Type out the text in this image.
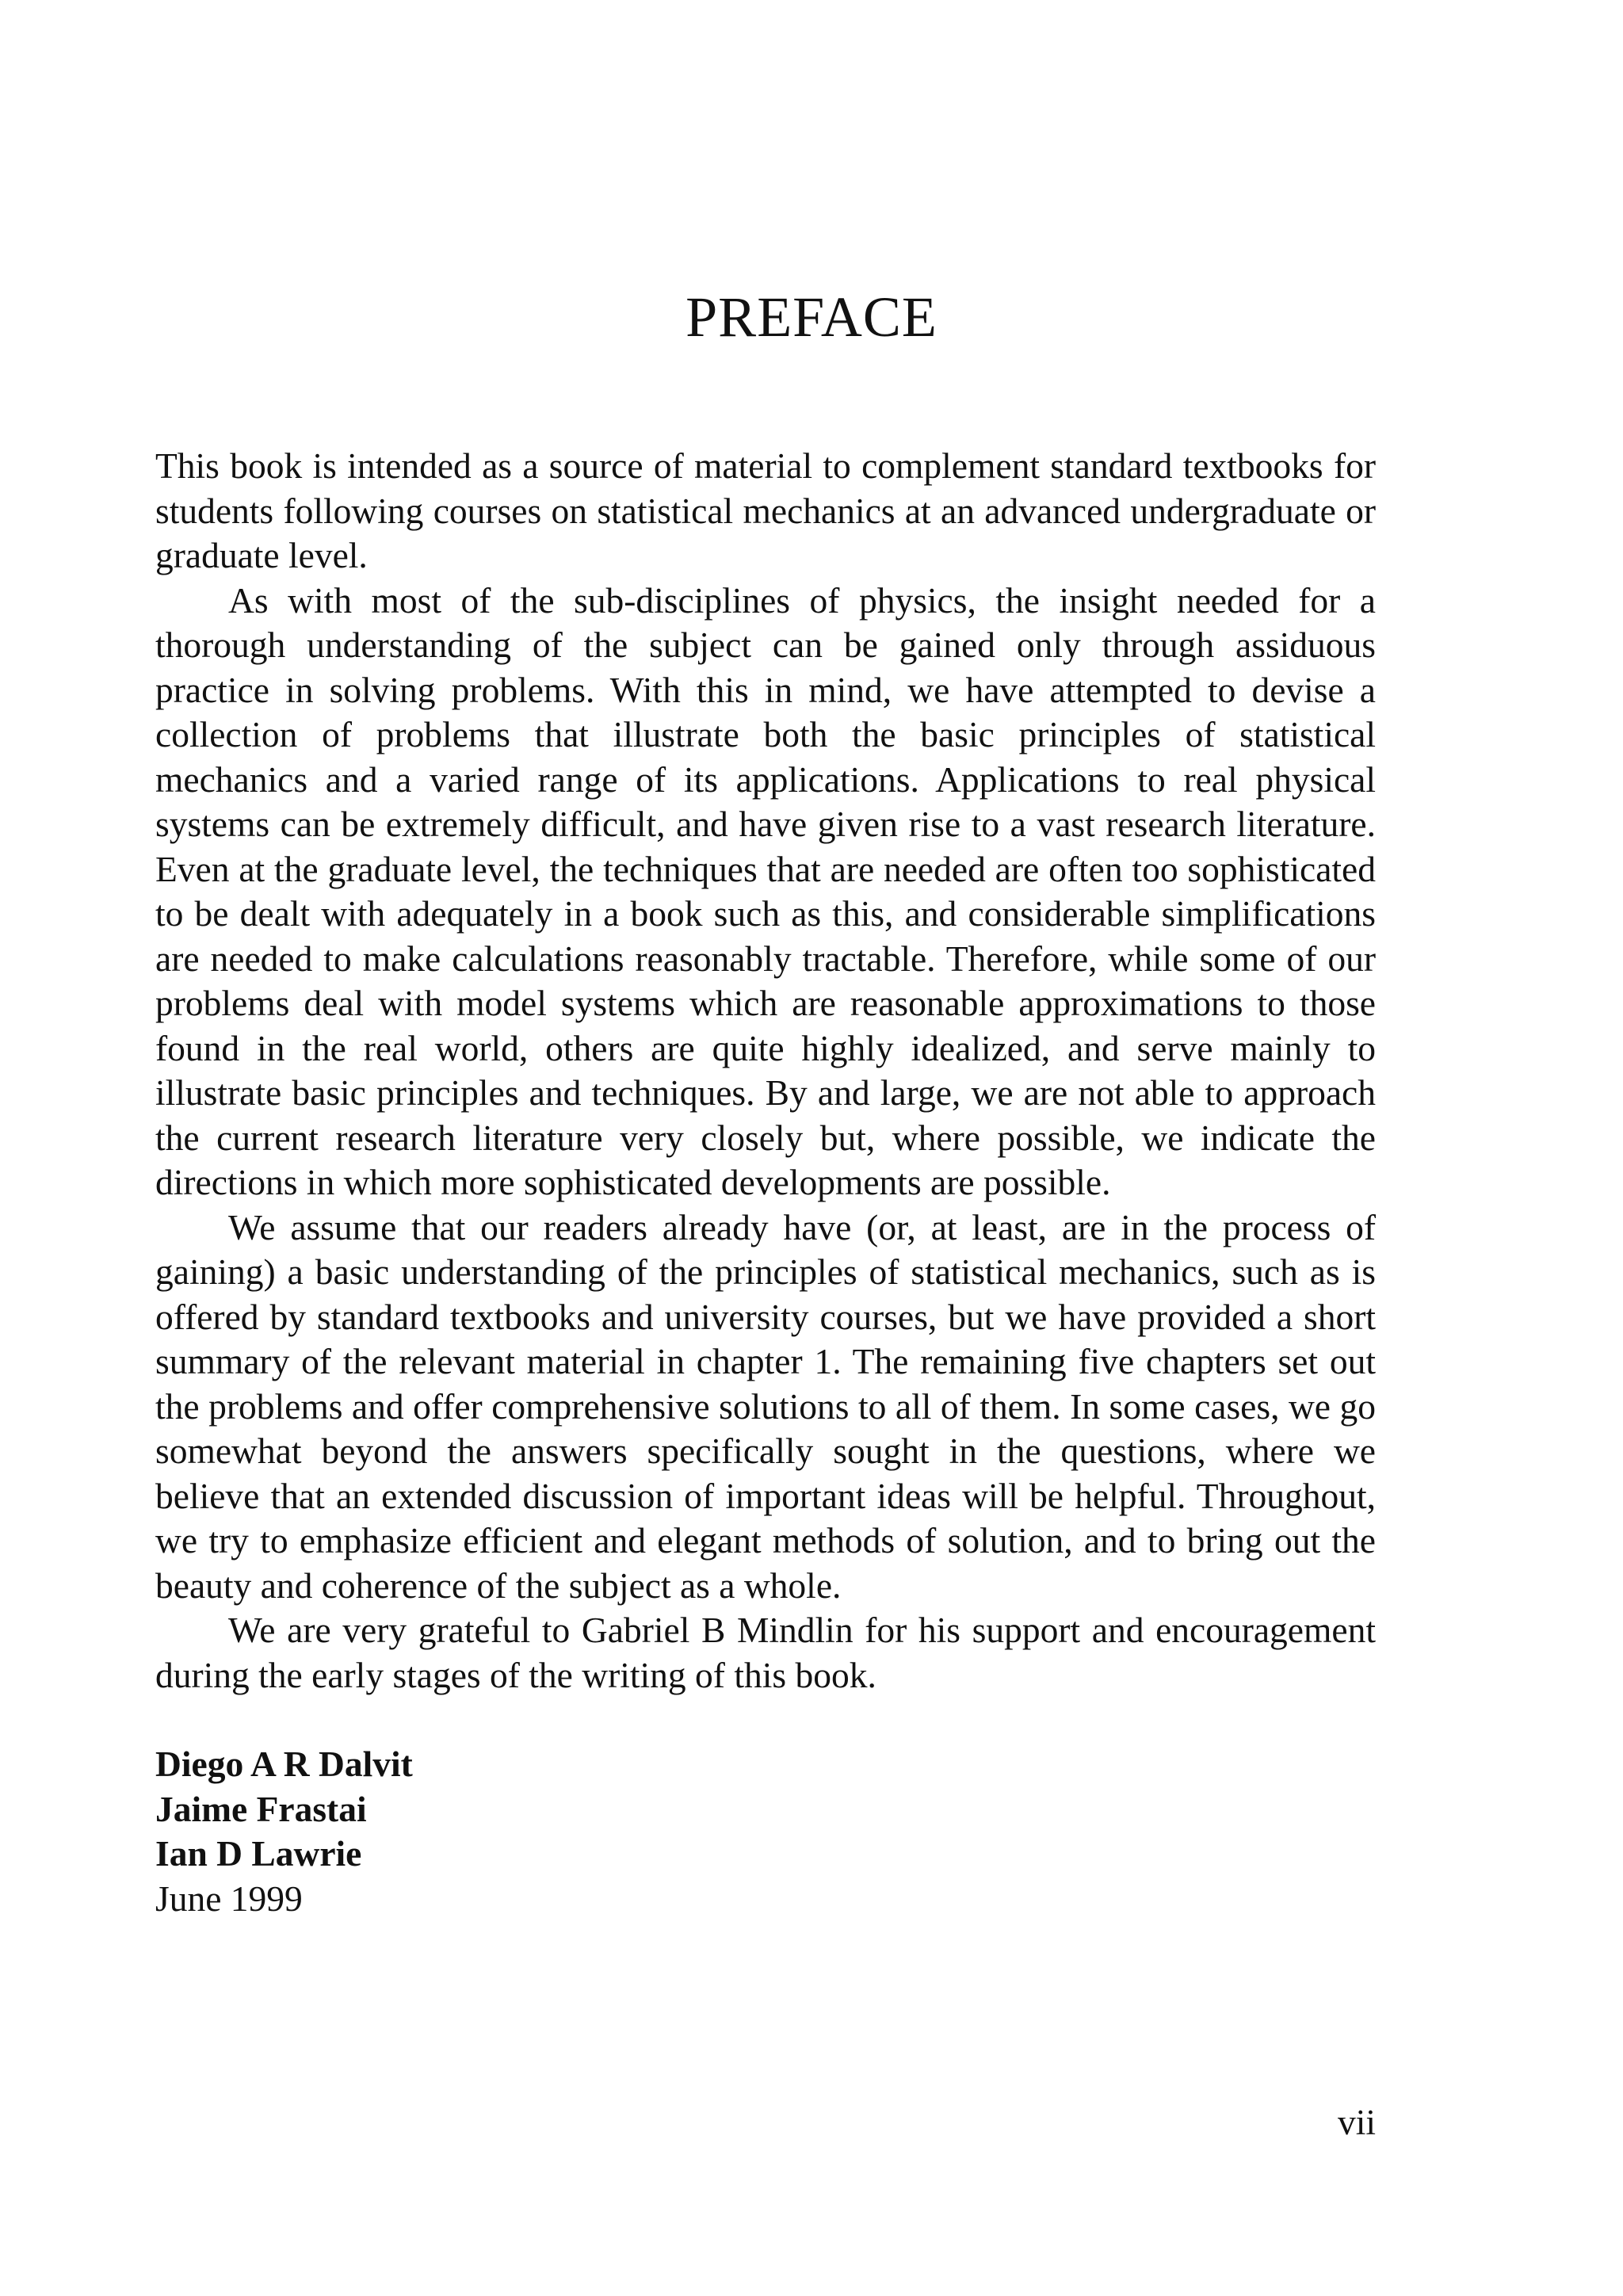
PREFACE

This book is intended as a source of material to complement standard textbooks for students following courses on statistical mechanics at an advanced undergraduate or graduate level.

As with most of the sub-disciplines of physics, the insight needed for a thorough understanding of the subject can be gained only through assiduous practice in solving problems. With this in mind, we have attempted to devise a collection of problems that illustrate both the basic principles of statistical mechanics and a varied range of its applications. Applications to real physical systems can be extremely difficult, and have given rise to a vast research literature. Even at the graduate level, the techniques that are needed are often too sophisticated to be dealt with adequately in a book such as this, and considerable simplifications are needed to make calculations reasonably tractable. Therefore, while some of our problems deal with model systems which are reasonable approximations to those found in the real world, others are quite highly idealized, and serve mainly to illustrate basic principles and techniques. By and large, we are not able to approach the current research literature very closely but, where possible, we indicate the directions in which more sophisticated developments are possible.

We assume that our readers already have (or, at least, are in the process of gaining) a basic understanding of the principles of statistical mechanics, such as is offered by standard textbooks and university courses, but we have provided a short summary of the relevant material in chapter 1. The remaining five chapters set out the problems and offer comprehensive solutions to all of them. In some cases, we go somewhat beyond the answers specifically sought in the questions, where we believe that an extended discussion of important ideas will be helpful. Throughout, we try to emphasize efficient and elegant methods of solution, and to bring out the beauty and coherence of the subject as a whole.

We are very grateful to Gabriel B Mindlin for his support and encouragement during the early stages of the writing of this book.

Diego A R Dalvit
Jaime Frastai
Ian D Lawrie
June 1999
vii
